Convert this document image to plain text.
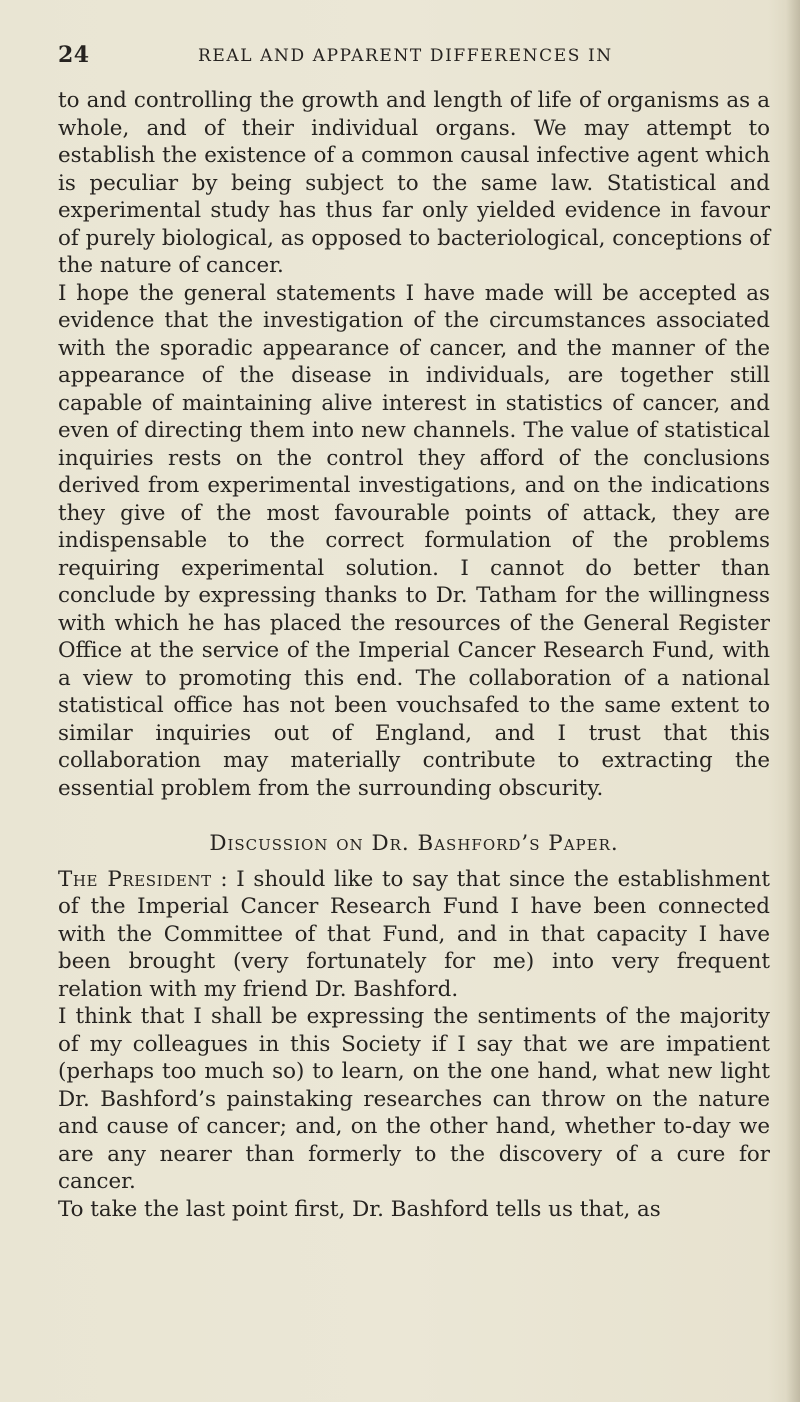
24	REAL AND APPARENT DIFFERENCES IN

to and controlling the growth and length of life of organisms as a whole, and of their individual organs. We may attempt to establish the existence of a common causal infective agent which is peculiar by being subject to the same law. Statistical and experimental study has thus far only yielded evidence in favour of purely biological, as opposed to bacteriological, conceptions of the nature of cancer.

I hope the general statements I have made will be accepted as evidence that the investigation of the circumstances associated with the sporadic appearance of cancer, and the manner of the appearance of the disease in individuals, are together still capable of maintaining alive interest in statistics of cancer, and even of directing them into new channels. The value of statistical inquiries rests on the control they afford of the conclusions derived from experimental investigations, and on the indications they give of the most favourable points of attack, they are indispensable to the correct formulation of the problems requiring experimental solution. I cannot do better than conclude by expressing thanks to Dr. Tatham for the willingness with which he has placed the resources of the General Register Office at the service of the Imperial Cancer Research Fund, with a view to promoting this end. The collaboration of a national statistical office has not been vouchsafed to the same extent to similar inquiries out of England, and I trust that this collaboration may materially contribute to extracting the essential problem from the surrounding obscurity.

Discussion on Dr. Bashford’s Paper.

The President : I should like to say that since the establishment of the Imperial Cancer Research Fund I have been connected with the Committee of that Fund, and in that capacity I have been brought (very fortunately for me) into very frequent relation with my friend Dr. Bashford.

I think that I shall be expressing the sentiments of the majority of my colleagues in this Society if I say that we are impatient (perhaps too much so) to learn, on the one hand, what new light Dr. Bashford’s painstaking researches can throw on the nature and cause of cancer; and, on the other hand, whether to-day we are any nearer than formerly to the discovery of a cure for cancer.

To take the last point first, Dr. Bashford tells us that, as
